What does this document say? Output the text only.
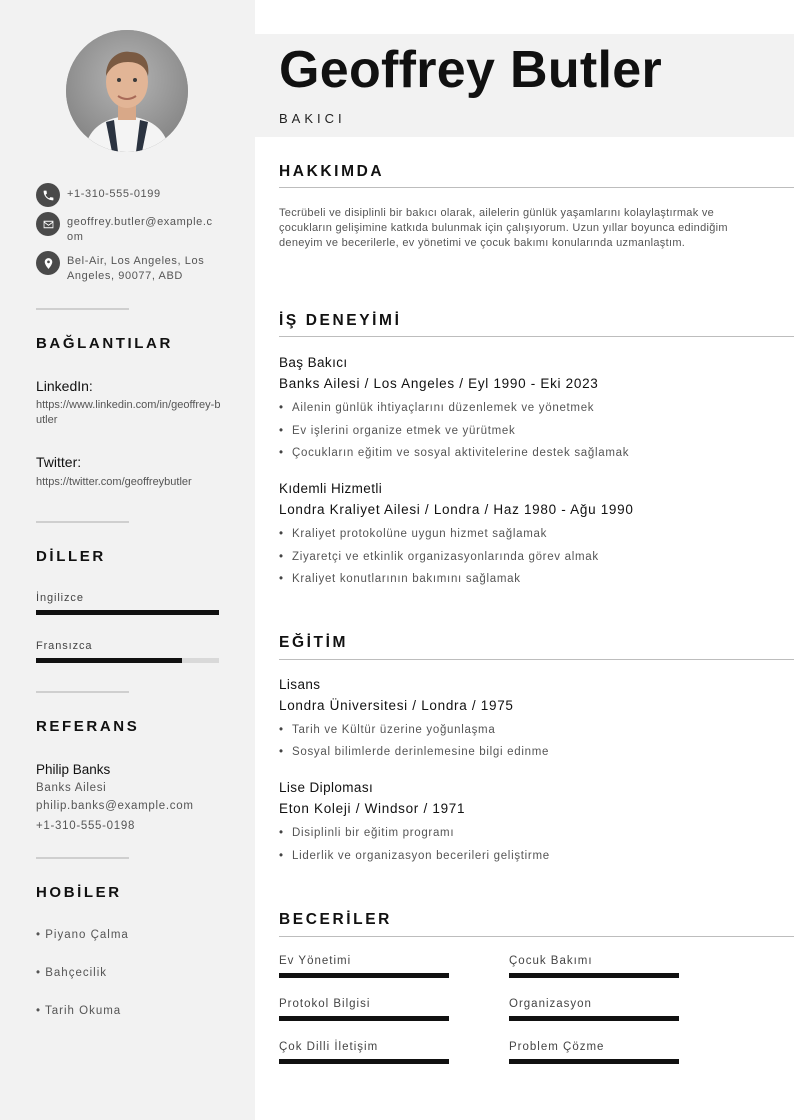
+1-310-555-0199
geoffrey.butler@example.com
Bel-Air, Los Angeles, Los Angeles, 90077, ABD
BAĞLANTILAR
LinkedIn:
https://www.linkedin.com/in/geoffrey-butler
Twitter:
https://twitter.com/geoffreybutler
DİLLER
İngilizce
Fransızca
REFERANS
Philip Banks
Banks Ailesi
philip.banks@example.com
+1-310-555-0198
HOBİLER
• Piyano Çalma
• Bahçecilik
• Tarih Okuma
Geoffrey Butler
BAKICI
HAKKIMDA
Tecrübeli ve disiplinli bir bakıcı olarak, ailelerin günlük yaşamlarını kolaylaştırmak ve çocukların gelişimine katkıda bulunmak için çalışıyorum. Uzun yıllar boyunca edindiğim deneyim ve becerilerle, ev yönetimi ve çocuk bakımı konularında uzmanlaştım.
İŞ DENEYİMİ
Baş Bakıcı
Banks Ailesi / Los Angeles / Eyl 1990 - Eki 2023
• Ailenin günlük ihtiyaçlarını düzenlemek ve yönetmek
• Ev işlerini organize etmek ve yürütmek
• Çocukların eğitim ve sosyal aktivitelerine destek sağlamak
Kıdemli Hizmetli
Londra Kraliyet Ailesi / Londra / Haz 1980 - Ağu 1990
• Kraliyet protokolüne uygun hizmet sağlamak
• Ziyaretçi ve etkinlik organizasyonlarında görev almak
• Kraliyet konutlarının bakımını sağlamak
EĞİTİM
Lisans
Londra Üniversitesi / Londra / 1975
• Tarih ve Kültür üzerine yoğunlaşma
• Sosyal bilimlerde derinlemesine bilgi edinme
Lise Diploması
Eton Koleji / Windsor / 1971
• Disiplinli bir eğitim programı
• Liderlik ve organizasyon becerileri geliştirme
BECERİLER
Ev Yönetimi	Çocuk Bakımı
Protokol Bilgisi	Organizasyon
Çok Dilli İletişim	Problem Çözme
